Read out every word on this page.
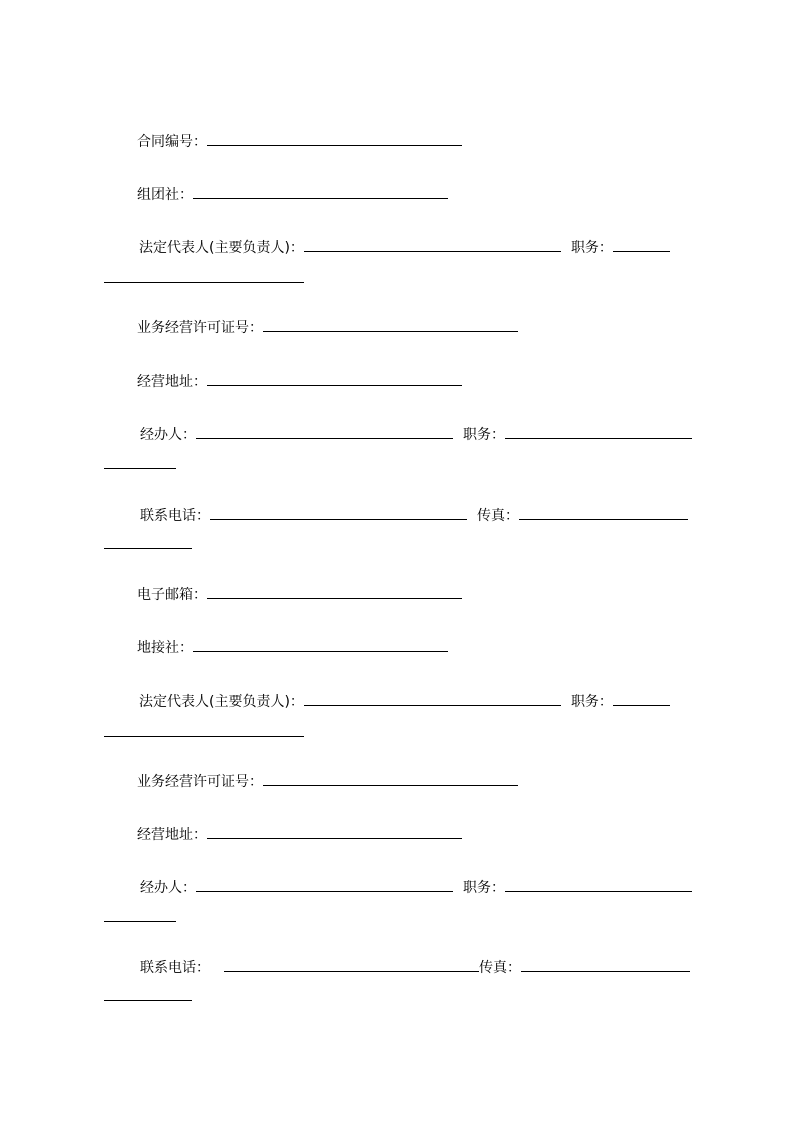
合同编号：
组团社：
法定代表人(主要负责人)：	职务：
业务经营许可证号：
经营地址：
经办人：	职务：
联系电话：	传真：
电子邮箱：
地接社：
法定代表人(主要负责人)：	职务：
业务经营许可证号：
经营地址：
经办人：	职务：
联系电话：	传真：
